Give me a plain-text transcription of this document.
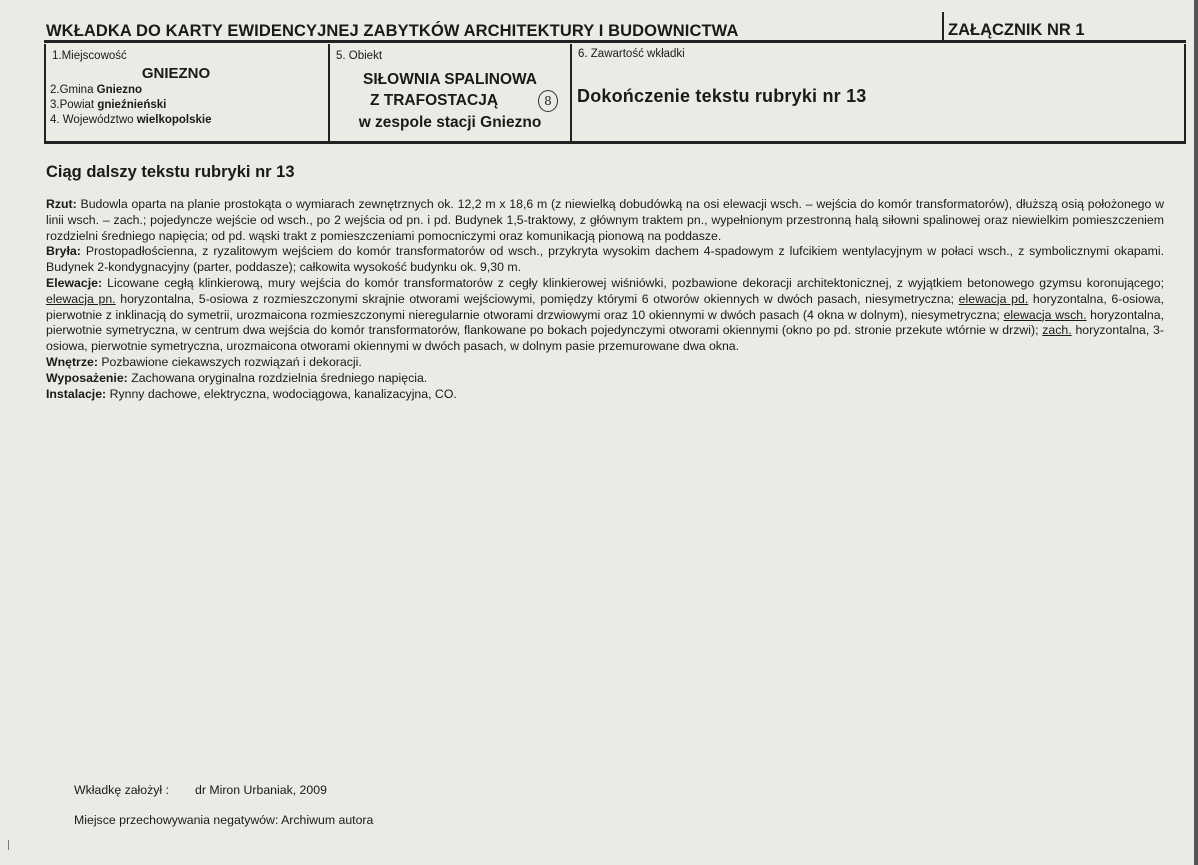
WKŁADKA DO KARTY EWIDENCYJNEJ ZABYTKÓW ARCHITEKTURY I BUDOWNICTWA	ZAŁĄCZNIK NR 1
1.Miejscowość
GNIEZNO
2.Gmina Gniezno
3.Powiat gnieźnieński
4. Województwo wielkopolskie
5. Obiekt
SIŁOWNIA SPALINOWA
Z TRAFOSTACJĄ	8
w zespole stacji Gniezno
6. Zawartość wkładki
Dokończenie tekstu rubryki nr 13
Ciąg dalszy tekstu rubryki nr 13

Rzut: Budowla oparta na planie prostokąta o wymiarach zewnętrznych ok. 12,2 m x 18,6 m (z niewielką dobudówką na osi elewacji wsch. – wejścia do komór transformatorów), dłuższą osią położonego w linii wsch. – zach.; pojedyncze wejście od wsch., po 2 wejścia od pn. i pd. Budynek 1,5-traktowy, z głównym traktem pn., wypełnionym przestronną halą siłowni spalinowej oraz niewielkim pomieszczeniem rozdzielni średniego napięcia; od pd. wąski trakt z pomieszczeniami pomocniczymi oraz komunikacją pionową na poddasze.

Bryła: Prostopadłościenna, z ryzalitowym wejściem do komór transformatorów od wsch., przykryta wysokim dachem 4-spadowym z lufcikiem wentylacyjnym w połaci wsch., z symbolicznymi okapami. Budynek 2-kondygnacyjny (parter, poddasze); całkowita wysokość budynku ok. 9,30 m.

Elewacje: Licowane cegłą klinkierową, mury wejścia do komór transformatorów z cegły klinkierowej wiśniówki, pozbawione dekoracji architektonicznej, z wyjątkiem betonowego gzymsu koronującego; elewacja pn. horyzontalna, 5-osiowa z rozmieszczonymi skrajnie otworami wejściowymi, pomiędzy którymi 6 otworów okiennych w dwóch pasach, niesymetryczna; elewacja pd. horyzontalna, 6-osiowa, pierwotnie z inklinacją do symetrii, urozmaicona rozmieszczonymi nieregularnie otworami drzwiowymi oraz 10 okiennymi w dwóch pasach (4 okna w dolnym), niesymetryczna; elewacja wsch. horyzontalna, pierwotnie symetryczna, w centrum dwa wejścia do komór transformatorów, flankowane po bokach pojedynczymi otworami okiennymi (okno po pd. stronie przekute wtórnie w drzwi); zach. horyzontalna, 3-osiowa, pierwotnie symetryczna, urozmaicona otworami okiennymi w dwóch pasach, w dolnym pasie przemurowane dwa okna.

Wnętrze: Pozbawione ciekawszych rozwiązań i dekoracji.

Wyposażenie: Zachowana oryginalna rozdzielnia średniego napięcia.

Instalacje: Rynny dachowe, elektryczna, wodociągowa, kanalizacyjna, CO.

Wkładkę założył : dr Miron Urbaniak, 2009
Miejsce przechowywania negatywów: Archiwum autora
